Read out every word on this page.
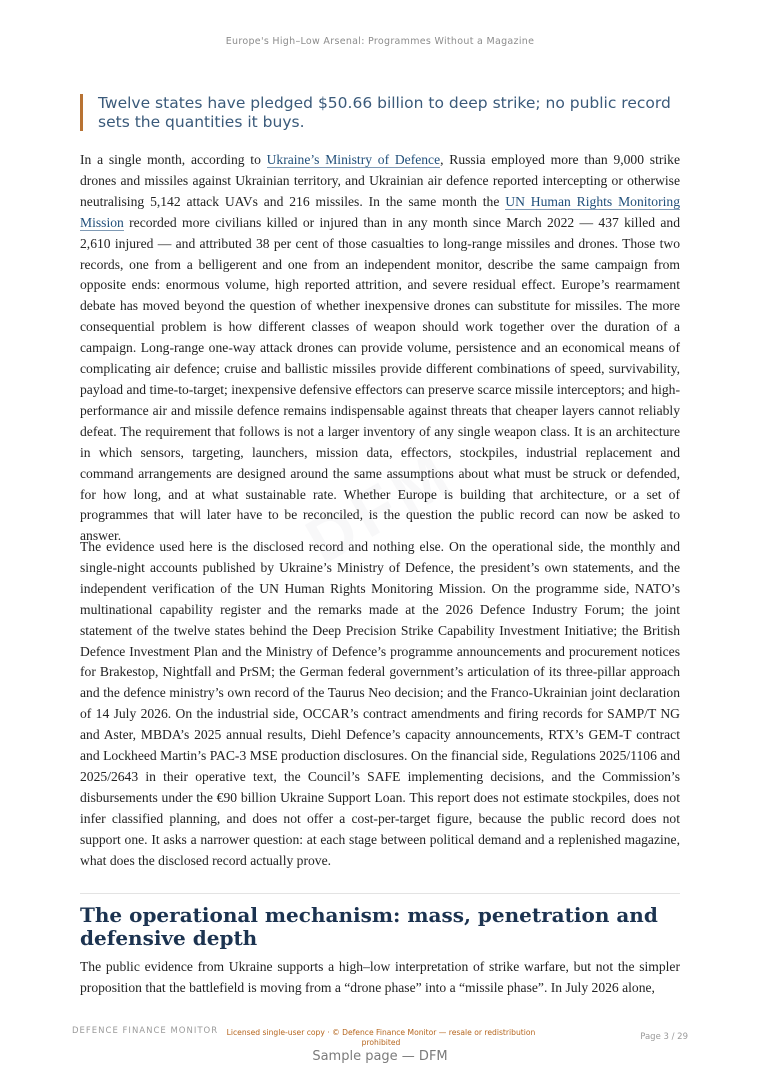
Europe's High–Low Arsenal: Programmes Without a Magazine
DFM
Twelve states have pledged $50.66 billion to deep strike; no public record sets the quantities it buys.

In a single month, according to Ukraine’s Ministry of Defence, Russia employed more than 9,000 strike drones and missiles against Ukrainian territory, and Ukrainian air defence reported intercepting or otherwise neutralising 5,142 attack UAVs and 216 missiles. In the same month the UN Human Rights Monitoring Mission recorded more civilians killed or injured than in any month since March 2022 — 437 killed and 2,610 injured — and attributed 38 per cent of those casualties to long-range missiles and drones. Those two records, one from a belligerent and one from an independent monitor, describe the same campaign from opposite ends: enormous volume, high reported attrition, and severe residual effect. Europe’s rearmament debate has moved beyond the question of whether inexpensive drones can substitute for missiles. The more consequential problem is how different classes of weapon should work together over the duration of a campaign. Long-range one-way attack drones can provide volume, persistence and an economical means of complicating air defence; cruise and ballistic missiles provide different combinations of speed, survivability, payload and time-to-target; inexpensive defensive effectors can preserve scarce missile interceptors; and high-performance air and missile defence remains indispensable against threats that cheaper layers cannot reliably defeat. The requirement that follows is not a larger inventory of any single weapon class. It is an architecture in which sensors, targeting, launchers, mission data, effectors, stockpiles, industrial replacement and command arrangements are designed around the same assumptions about what must be struck or defended, for how long, and at what sustainable rate. Whether Europe is building that architecture, or a set of programmes that will later have to be reconciled, is the question the public record can now be asked to answer.

The evidence used here is the disclosed record and nothing else. On the operational side, the monthly and single-night accounts published by Ukraine’s Ministry of Defence, the president’s own statements, and the independent verification of the UN Human Rights Monitoring Mission. On the programme side, NATO’s multinational capability register and the remarks made at the 2026 Defence Industry Forum; the joint statement of the twelve states behind the Deep Precision Strike Capability Investment Initiative; the British Defence Investment Plan and the Ministry of Defence’s programme announcements and procurement notices for Brakestop, Nightfall and PrSM; the German federal government’s articulation of its three-pillar approach and the defence ministry’s own record of the Taurus Neo decision; and the Franco-Ukrainian joint declaration of 14 July 2026. On the industrial side, OCCAR’s contract amendments and firing records for SAMP/T NG and Aster, MBDA’s 2025 annual results, Diehl Defence’s capacity announcements, RTX’s GEM-T contract and Lockheed Martin’s PAC-3 MSE production disclosures. On the financial side, Regulations 2025/1106 and 2025/2643 in their operative text, the Council’s SAFE implementing decisions, and the Commission’s disbursements under the €90 billion Ukraine Support Loan. This report does not estimate stockpiles, does not infer classified planning, and does not offer a cost-per-target figure, because the public record does not support one. It asks a narrower question: at each stage between political demand and a replenished magazine, what does the disclosed record actually prove.

The operational mechanism: mass, penetration and defensive depth

The public evidence from Ukraine supports a high–low interpretation of strike warfare, but not the simpler proposition that the battlefield is moving from a “drone phase” into a “missile phase”. In July 2026 alone,

DEFENCE FINANCE MONITOR Licensed single-user copy · © Defence Finance Monitor — resale or redistribution prohibited
Page 3 / 29
Sample page — DFM
